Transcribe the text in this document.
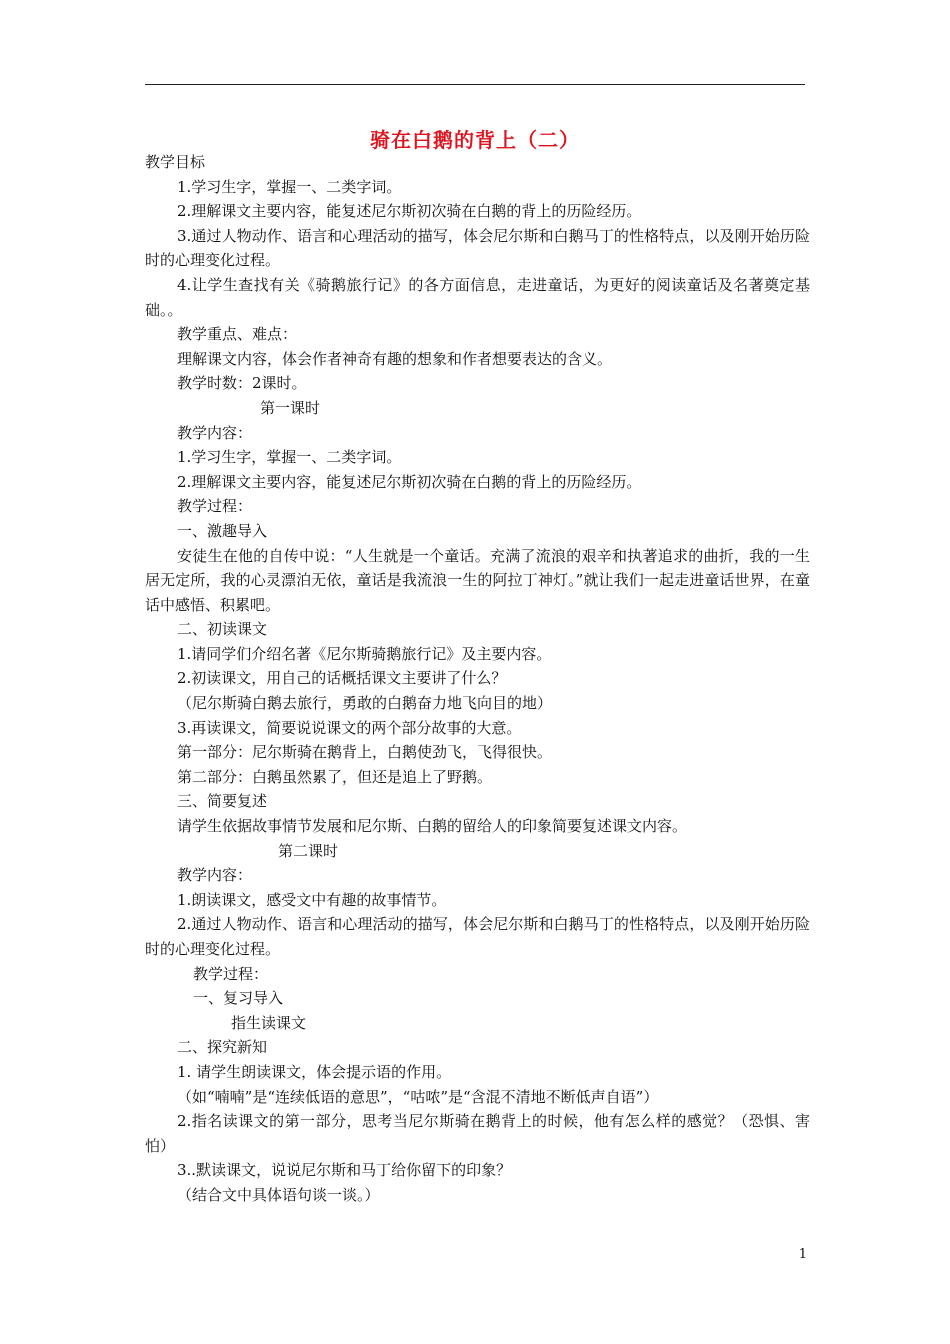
骑在白鹅的背上（二）
教学目标
1.学习生字，掌握一、二类字词。
2.理解课文主要内容，能复述尼尔斯初次骑在白鹅的背上的历险经历。
3.通过人物动作、语言和心理活动的描写，体会尼尔斯和白鹅马丁的性格特点，以及刚开始历险时的心理变化过程。
4.让学生查找有关《骑鹅旅行记》的各方面信息，走进童话，为更好的阅读童话及名著奠定基础。。
教学重点、难点：
理解课文内容，体会作者神奇有趣的想象和作者想要表达的含义。
教学时数：2课时。
第一课时
教学内容：
1.学习生字，掌握一、二类字词。
2.理解课文主要内容，能复述尼尔斯初次骑在白鹅的背上的历险经历。
教学过程：
一、激趣导入
安徒生在他的自传中说：“人生就是一个童话。充满了流浪的艰辛和执著追求的曲折，我的一生居无定所，我的心灵漂泊无依，童话是我流浪一生的阿拉丁神灯。”就让我们一起走进童话世界，在童话中感悟、积累吧。
二、初读课文
1.请同学们介绍名著《尼尔斯骑鹅旅行记》及主要内容。
2.初读课文，用自己的话概括课文主要讲了什么？
（尼尔斯骑白鹅去旅行，勇敢的白鹅奋力地飞向目的地）
3.再读课文，简要说说课文的两个部分故事的大意。
第一部分：尼尔斯骑在鹅背上，白鹅使劲飞，飞得很快。
第二部分：白鹅虽然累了，但还是追上了野鹅。
三、简要复述
请学生依据故事情节发展和尼尔斯、白鹅的留给人的印象简要复述课文内容。
第二课时
教学内容：
1.朗读课文，感受文中有趣的故事情节。
2.通过人物动作、语言和心理活动的描写，体会尼尔斯和白鹅马丁的性格特点，以及刚开始历险时的心理变化过程。
教学过程：
一、复习导入
指生读课文
二、探究新知
1. 请学生朗读课文，体会提示语的作用。
（如“喃喃”是“连续低语的意思”，“咕哝”是“含混不清地不断低声自语”）
2.指名读课文的第一部分，思考当尼尔斯骑在鹅背上的时候，他有怎么样的感觉？（恐惧、害怕）
3..默读课文，说说尼尔斯和马丁给你留下的印象？
（结合文中具体语句谈一谈。）
1
